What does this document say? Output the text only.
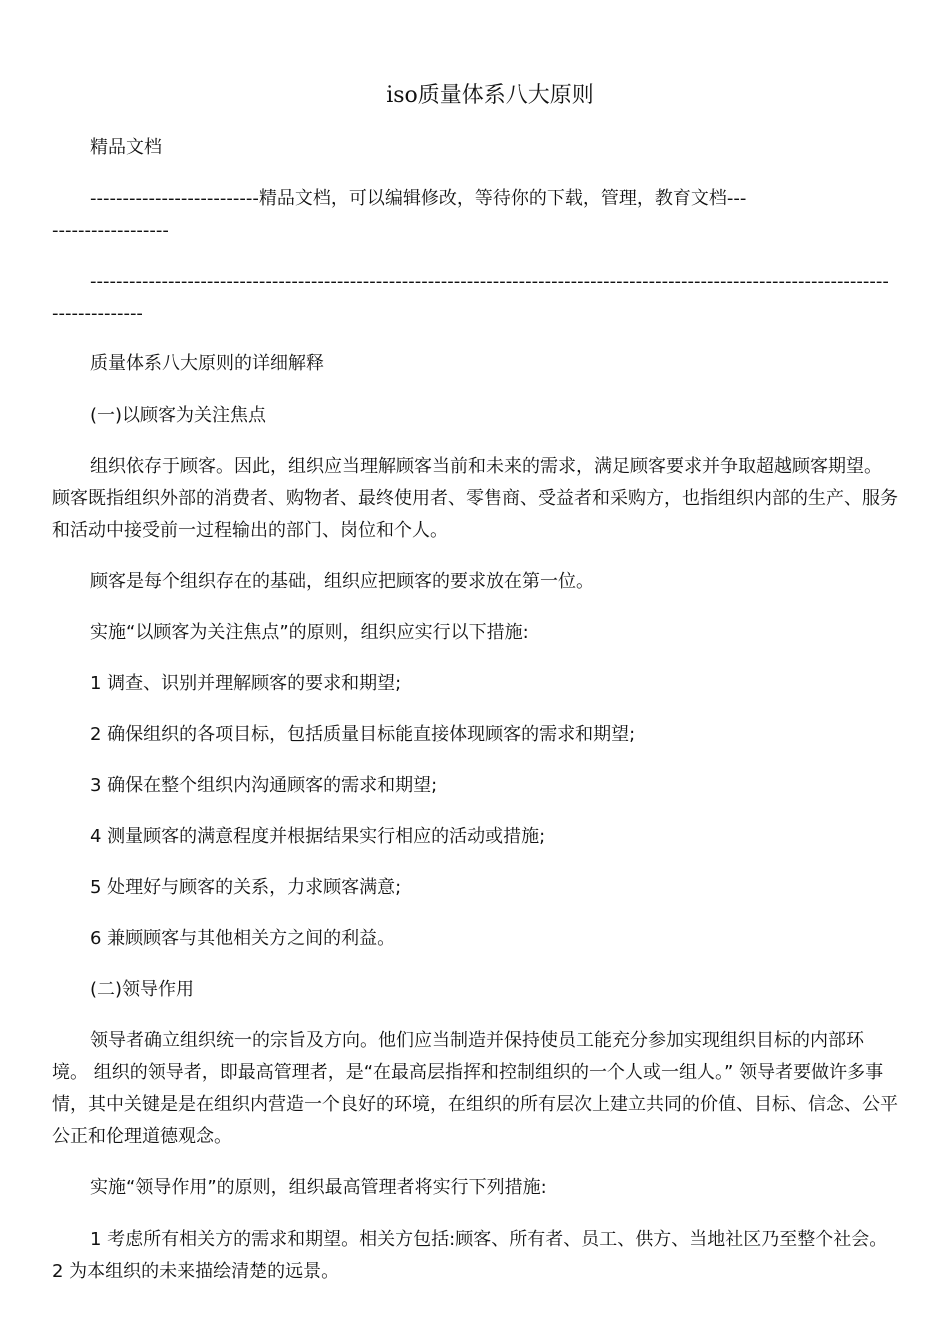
iso质量体系八大原则

精品文档

--------------------------精品文档，可以编辑修改，等待你的下载，管理，教育文档---------------------

-----------------------------------------------------------------------------------------------------------------------------------------

质量体系八大原则的详细解释

(一)以顾客为关注焦点

组织依存于顾客。因此，组织应当理解顾客当前和未来的需求，满足顾客要求并争取超越顾客期望。 顾客既指组织外部的消费者、购物者、最终使用者、零售商、受益者和采购方，也指组织内部的生产、服务和活动中接受前一过程输出的部门、岗位和个人。

顾客是每个组织存在的基础，组织应把顾客的要求放在第一位。

实施“以顾客为关注焦点”的原则，组织应实行以下措施:

1 调查、识别并理解顾客的要求和期望;

2 确保组织的各项目标，包括质量目标能直接体现顾客的需求和期望;

3 确保在整个组织内沟通顾客的需求和期望;

4 测量顾客的满意程度并根据结果实行相应的活动或措施;

5 处理好与顾客的关系，力求顾客满意;

6 兼顾顾客与其他相关方之间的利益。

(二)领导作用

领导者确立组织统一的宗旨及方向。他们应当制造并保持使员工能充分参加实现组织目标的内部环境。 组织的领导者，即最高管理者，是“在最高层指挥和控制组织的一个人或一组人。” 领导者要做许多事情，其中关键是是在组织内营造一个良好的环境，在组织的所有层次上建立共同的价值、目标、信念、公平公正和伦理道德观念。

实施“领导作用”的原则，组织最高管理者将实行下列措施:

1 考虑所有相关方的需求和期望。相关方包括:顾客、所有者、员工、供方、当地社区乃至整个社会。 2 为本组织的未来描绘清楚的远景。
